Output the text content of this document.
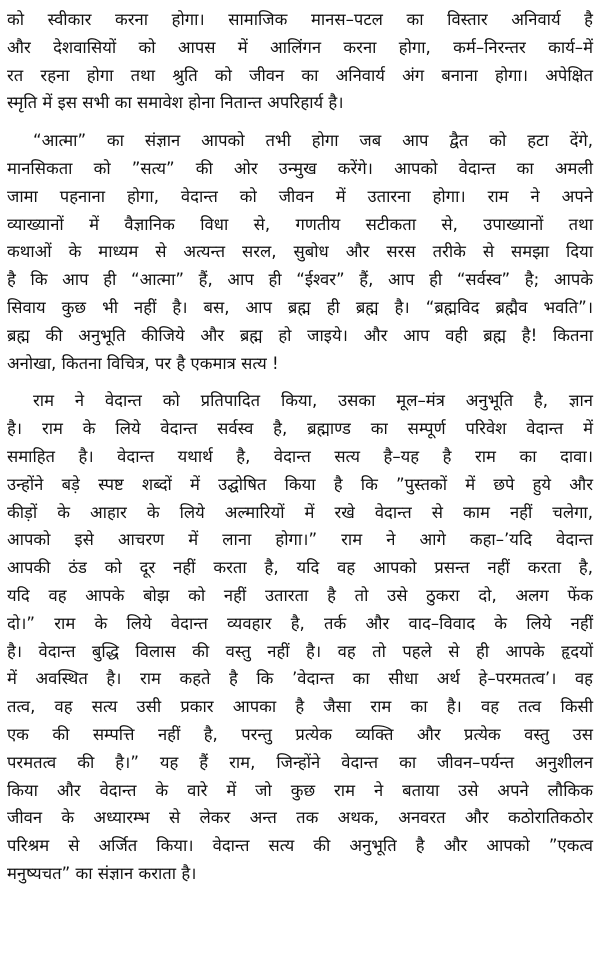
को स्वीकार करना होगा। सामाजिक मानस–पटल का विस्तार अनिवार्य है
और देशवासियों को आपस में आलिंगन करना होगा, कर्म–निरन्तर कार्य–में
रत रहना होगा तथा श्रुति को जीवन का अनिवार्य अंग बनाना होगा। अपेक्षित
स्मृति में इस सभी का समावेश होना नितान्त अपरिहार्य है।
“आत्मा” का संज्ञान आपको तभी होगा जब आप द्वैत को हटा देंगे,
मानसिकता को ”सत्य” की ओर उन्मुख करेंगे। आपको वेदान्त का अमली
जामा पहनाना होगा, वेदान्त को जीवन में उतारना होगा। राम ने अपने
व्याख्यानों में वैज्ञानिक विधा से, गणतीय सटीकता से, उपाख्यानों तथा
कथाओं के माध्यम से अत्यन्त सरल, सुबोध और सरस तरीके से समझा दिया
है कि आप ही “आत्मा” हैं, आप ही “ईश्वर” हैं, आप ही “सर्वस्व” है; आपके
सिवाय कुछ भी नहीं है। बस, आप ब्रह्म ही ब्रह्म है। “ब्रह्मविद ब्रह्मैव भवति”।
ब्रह्म की अनुभूति कीजिये और ब्रह्म हो जाइये। और आप वही ब्रह्म है! कितना
अनोखा, कितना विचित्र, पर है एकमात्र सत्य !
राम ने वेदान्त को प्रतिपादित किया, उसका मूल–मंत्र अनुभूति है, ज्ञान
है। राम के लिये वेदान्त सर्वस्व है, ब्रह्माण्ड का सम्पूर्ण परिवेश वेदान्त में
समाहित है। वेदान्त यथार्थ है, वेदान्त सत्य है–यह है राम का दावा।
उन्होंने बड़े स्पष्ट शब्दों में उद्घोषित किया है कि ”पुस्तकों में छपे हुये और
कीड़ों के आहार के लिये अल्मारियों में रखे वेदान्त से काम नहीं चलेगा,
आपको इसे आचरण में लाना होगा।” राम ने आगे कहा–’यदि वेदान्त
आपकी ठंड को दूर नहीं करता है, यदि वह आपको प्रसन्त नहीं करता है,
यदि वह आपके बोझ को नहीं उतारता है तो उसे ठुकरा दो, अलग फेंक
दो।” राम के लिये वेदान्त व्यवहार है, तर्क और वाद–विवाद के लिये नहीं
है। वेदान्त बुद्धि विलास की वस्तु नहीं है। वह तो पहले से ही आपके हृदयों
में अवस्थित है। राम कहते है कि ’वेदान्त का सीधा अर्थ हे–परमतत्व’। वह
तत्व, वह सत्य उसी प्रकार आपका है जैसा राम का है। वह तत्व किसी
एक की सम्पत्ति नहीं है, परन्तु प्रत्येक व्यक्ति और प्रत्येक वस्तु उस
परमतत्व की है।” यह हैं राम, जिन्होंने वेदान्त का जीवन–पर्यन्त अनुशीलन
किया और वेदान्त के वारे में जो कुछ राम ने बताया उसे अपने लौकिक
जीवन के अध्यारम्भ से लेकर अन्त तक अथक, अनवरत और कठोरातिकठोर
परिश्रम से अर्जित किया। वेदान्त सत्य की अनुभूति है और आपको ”एकत्व
मनुष्यचत” का संज्ञान कराता है।
